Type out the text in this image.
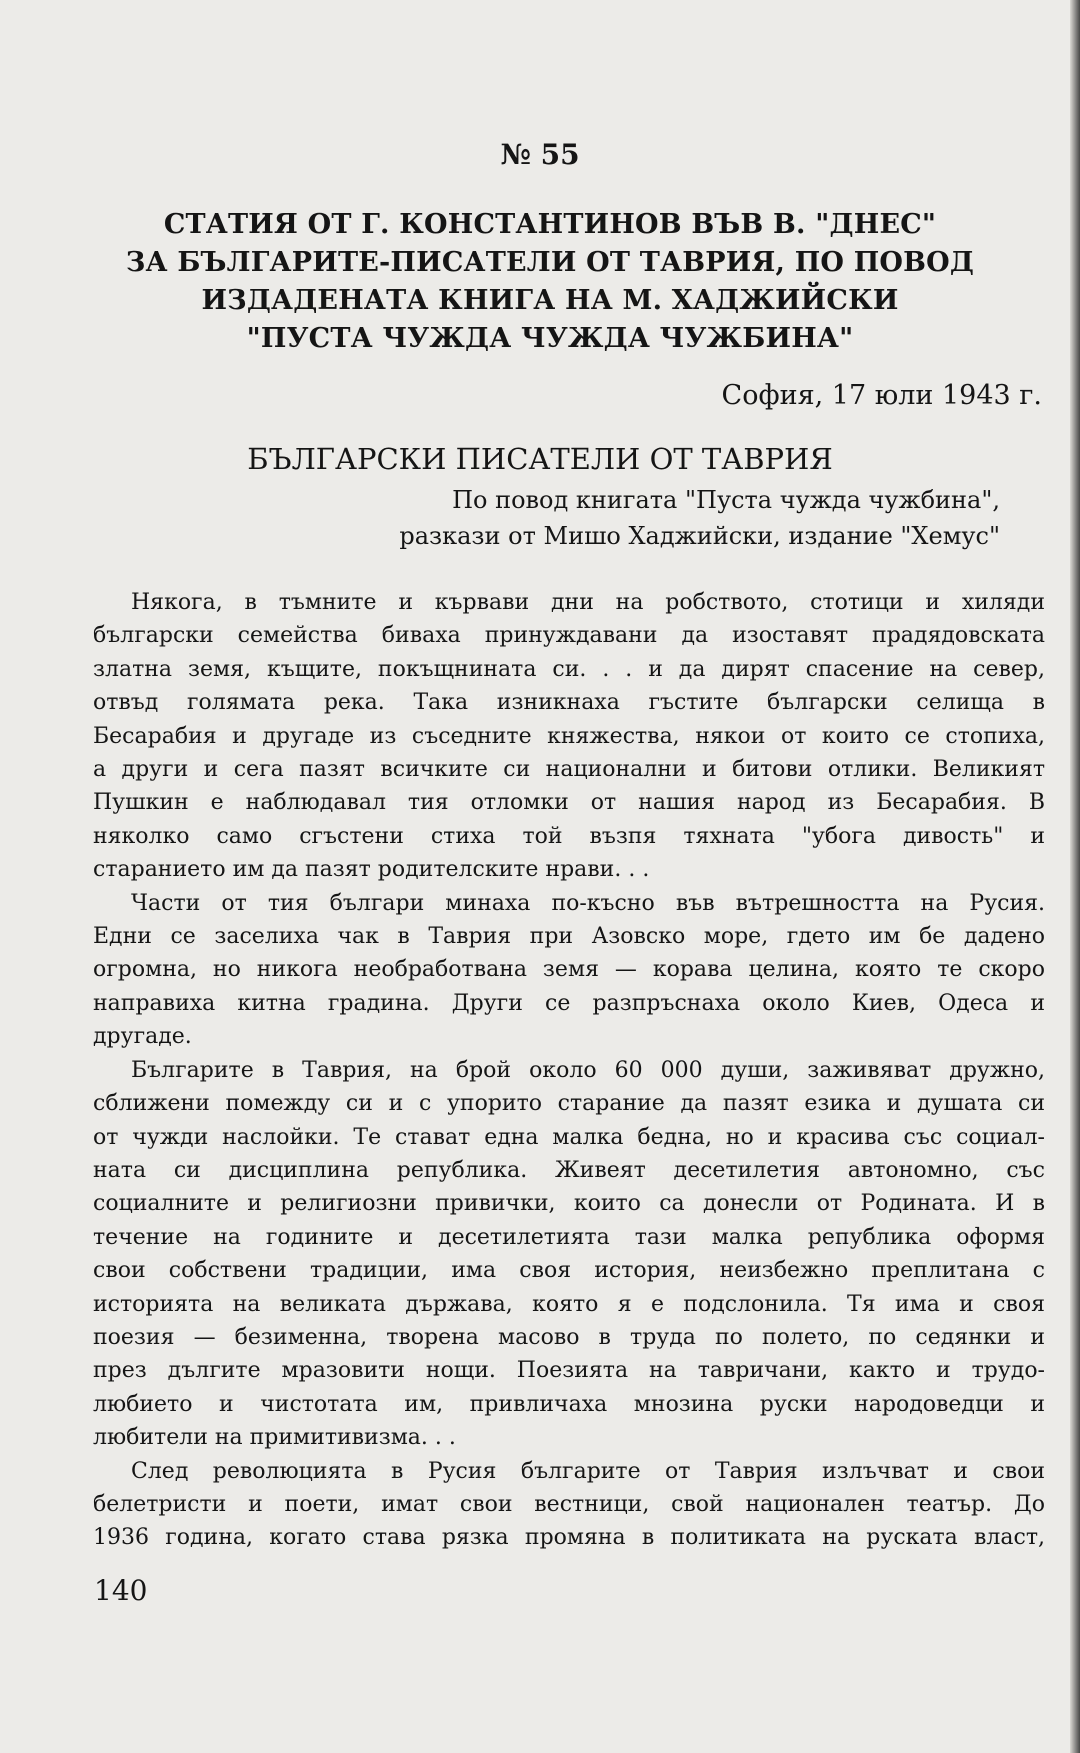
№ 55
СТАТИЯ ОТ Г. КОНСТАНТИНОВ ВЪВ В. "ДНЕС"
ЗА БЪЛГАРИТЕ-ПИСАТЕЛИ ОТ ТАВРИЯ, ПО ПОВОД
ИЗДАДЕНАТА КНИГА НА М. ХАДЖИЙСКИ
"ПУСТА ЧУЖДА ЧУЖДА ЧУЖБИНА"
София, 17 юли 1943 г.
БЪЛГАРСКИ ПИСАТЕЛИ ОТ ТАВРИЯ
По повод книгата "Пуста чужда чужбина",
разкази от Мишо Хаджийски, издание "Хемус"
Някога, в тъмните и кървави дни на робството, стотици и хиляди
български семейства биваха принуждавани да изоставят прадядовската
златна земя, къщите, покъщнината си. . . и да дирят спасение на север,
отвъд голямата река. Така изникнаха гъстите български селища в
Бесарабия и другаде из съседните княжества, някои от които се стопиха,
а други и сега пазят всичките си национални и битови отлики. Великият
Пушкин е наблюдавал тия отломки от нашия народ из Бесарабия. В
няколко само сгъстени стиха той възпя тяхната "убога дивость" и
старанието им да пазят родителските нрави. . .
Части от тия българи минаха по-късно във вътрешността на Русия.
Едни се заселиха чак в Таврия при Азовско море, гдето им бе дадено
огромна, но никога необработвана земя — корава целина, която те скоро
направиха китна градина. Други се разпръснаха около Киев, Одеса и
другаде.
Българите в Таврия, на брой около 60 000 души, заживяват дружно,
сближени помежду си и с упорито старание да пазят езика и душата си
от чужди наслойки. Те стават една малка бедна, но и красива със социал-
ната си дисциплина република. Живеят десетилетия автономно, със
социалните и религиозни привички, които са донесли от Родината. И в
течение на годините и десетилетията тази малка република оформя
свои собствени традиции, има своя история, неизбежно преплитана с
историята на великата държава, която я е подслонила. Тя има и своя
поезия — безименна, творена масово в труда по полето, по седянки и
през дългите мразовити нощи. Поезията на тавричани, както и трудо-
любието и чистотата им, привличаха мнозина руски народоведци и
любители на примитивизма. . .
След революцията в Русия българите от Таврия излъчват и свои
белетристи и поети, имат свои вестници, свой национален театър. До
1936 година, когато става рязка промяна в политиката на руската власт,
140
